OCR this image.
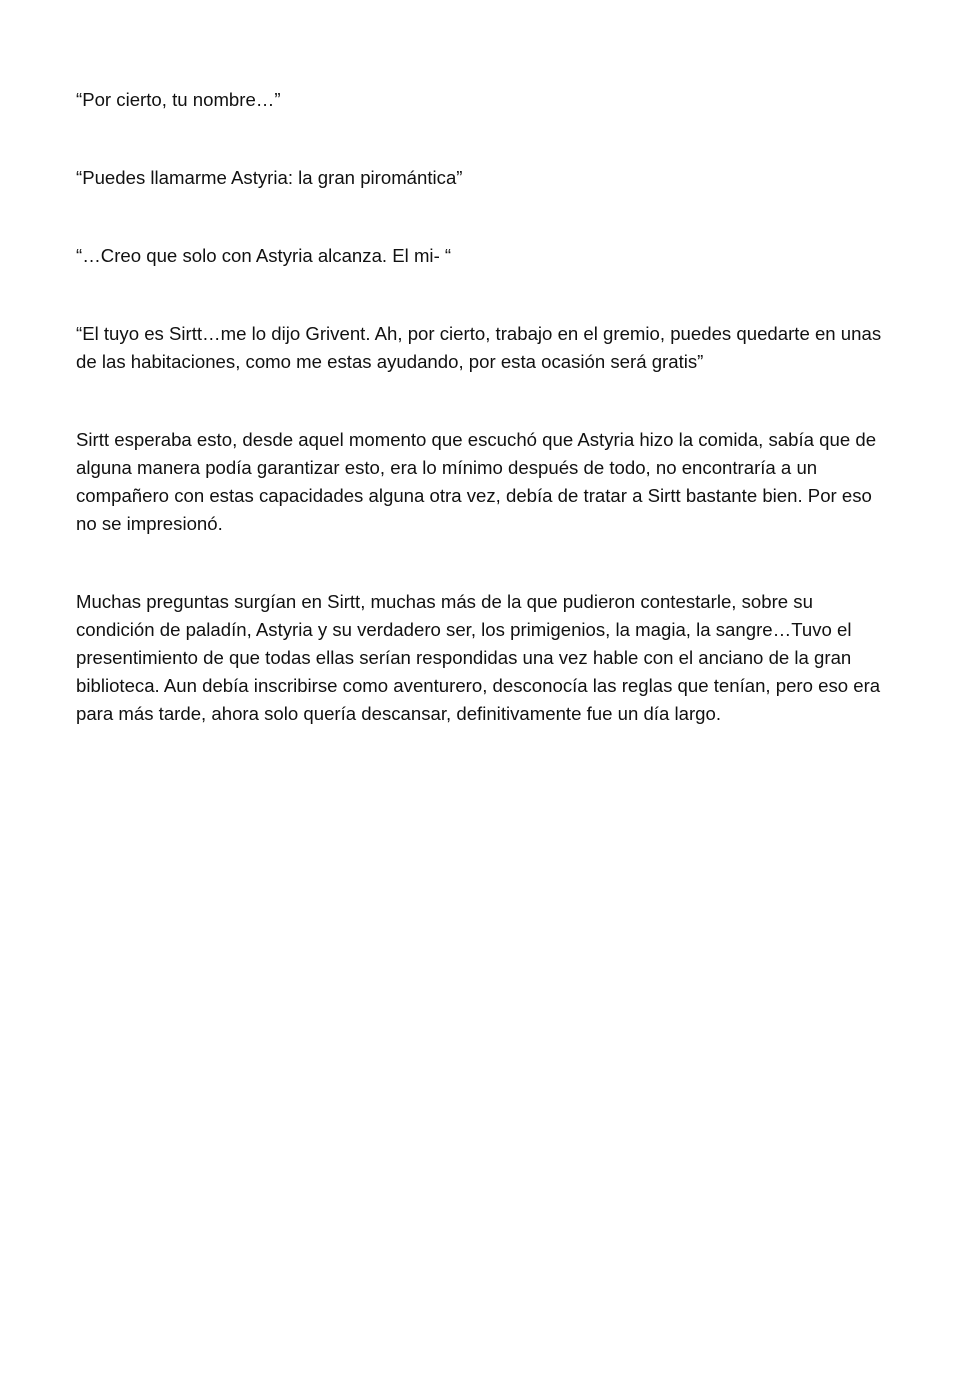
“Por cierto, tu nombre…”

“Puedes llamarme Astyria: la gran piromántica”

“…Creo que solo con Astyria alcanza. El mi- “

“El tuyo es Sirtt…me lo dijo Grivent. Ah, por cierto, trabajo en el gremio, puedes quedarte en unas de las habitaciones, como me estas ayudando, por esta ocasión será gratis”

Sirtt esperaba esto, desde aquel momento que escuchó que Astyria hizo la comida, sabía que de alguna manera podía garantizar esto, era lo mínimo después de todo, no encontraría a un compañero con estas capacidades alguna otra vez, debía de tratar a Sirtt bastante bien. Por eso no se impresionó.

Muchas preguntas surgían en Sirtt, muchas más de la que pudieron contestarle, sobre su condición de paladín, Astyria y su verdadero ser, los primigenios, la magia, la sangre…Tuvo el presentimiento de que todas ellas serían respondidas una vez hable con el anciano de la gran biblioteca. Aun debía inscribirse como aventurero, desconocía las reglas que tenían, pero eso era para más tarde, ahora solo quería descansar, definitivamente fue un día largo.
